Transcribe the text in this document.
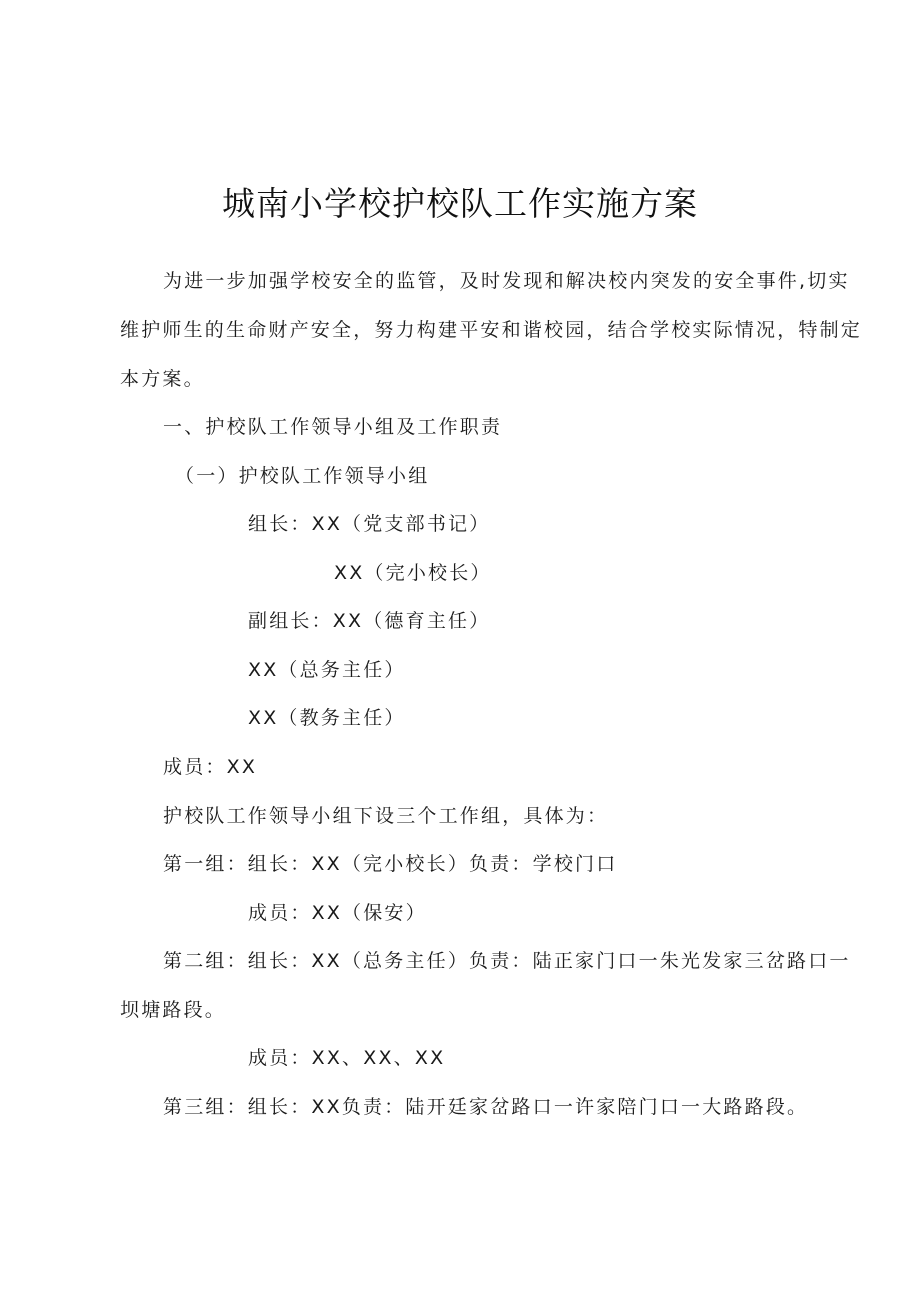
城南小学校护校队工作实施方案
为进一步加强学校安全的监管，及时发现和解决校内突发的安全事件,切实
维护师生的生命财产安全，努力构建平安和谐校园，结合学校实际情况，特制定
本方案。
一、护校队工作领导小组及工作职责
（一）护校队工作领导小组
组长：XX（党支部书记）
XX（完小校长）
副组长：XX（德育主任）
XX（总务主任）
XX（教务主任）
成员：XX
护校队工作领导小组下设三个工作组，具体为：
第一组：组长：XX（完小校长）负责：学校门口
成员：XX（保安）
第二组：组长：XX（总务主任）负责：陆正家门口一朱光发家三岔路口一
坝塘路段。
成员：XX、XX、XX
第三组：组长：XX负责：陆开廷家岔路口一许家陪门口一大路路段。
